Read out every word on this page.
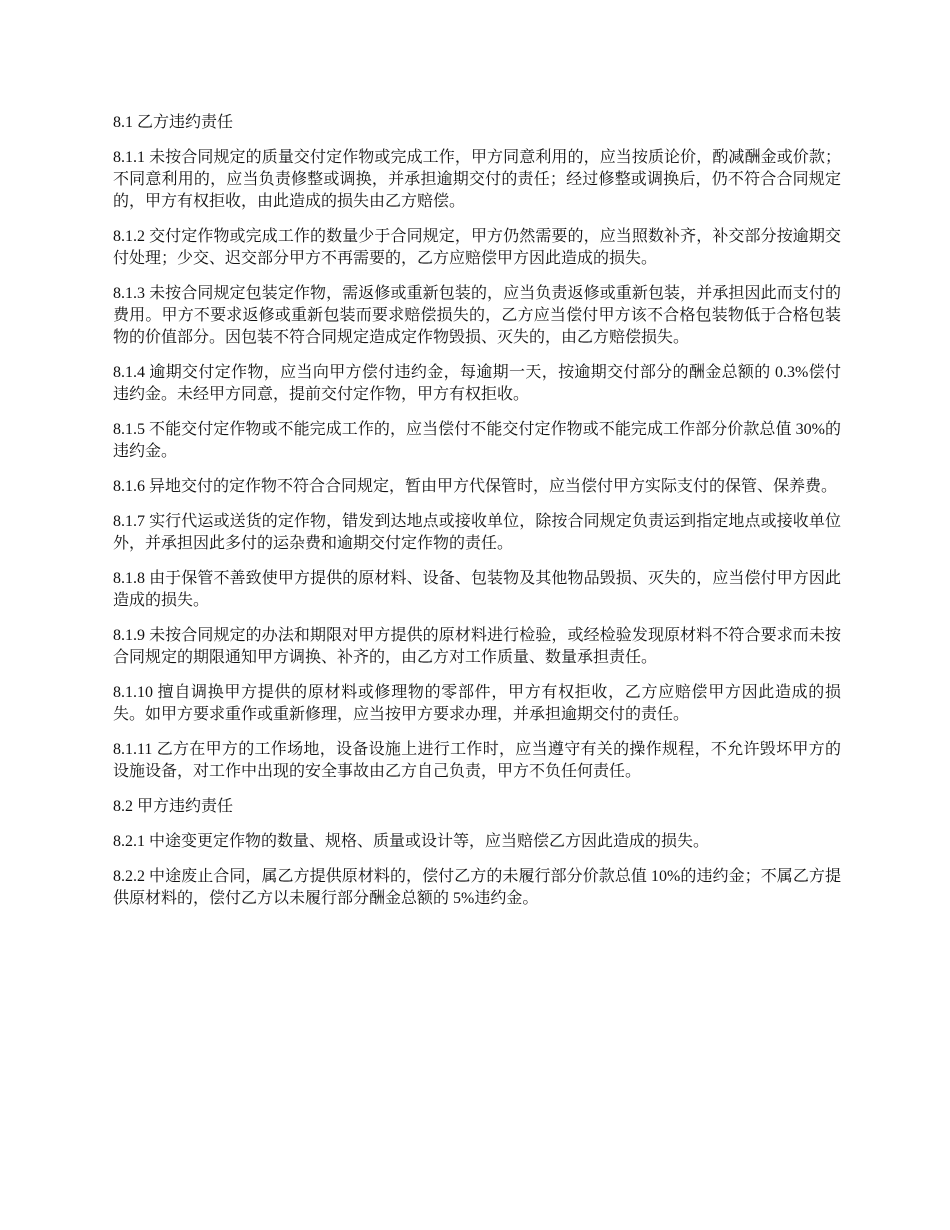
8.1 乙方违约责任

8.1.1 未按合同规定的质量交付定作物或完成工作，甲方同意利用的，应当按质论价，酌减酬金或价款；不同意利用的，应当负责修整或调换，并承担逾期交付的责任；经过修整或调换后，仍不符合合同规定的，甲方有权拒收，由此造成的损失由乙方赔偿。

8.1.2 交付定作物或完成工作的数量少于合同规定，甲方仍然需要的，应当照数补齐，补交部分按逾期交付处理；少交、迟交部分甲方不再需要的，乙方应赔偿甲方因此造成的损失。

8.1.3 未按合同规定包装定作物，需返修或重新包装的，应当负责返修或重新包装，并承担因此而支付的费用。甲方不要求返修或重新包装而要求赔偿损失的，乙方应当偿付甲方该不合格包装物低于合格包装物的价值部分。因包装不符合同规定造成定作物毁损、灭失的，由乙方赔偿损失。

8.1.4 逾期交付定作物，应当向甲方偿付违约金，每逾期一天，按逾期交付部分的酬金总额的 0.3%偿付违约金。未经甲方同意，提前交付定作物，甲方有权拒收。

8.1.5 不能交付定作物或不能完成工作的，应当偿付不能交付定作物或不能完成工作部分价款总值 30%的违约金。

8.1.6 异地交付的定作物不符合合同规定，暂由甲方代保管时，应当偿付甲方实际支付的保管、保养费。

8.1.7 实行代运或送货的定作物，错发到达地点或接收单位，除按合同规定负责运到指定地点或接收单位外，并承担因此多付的运杂费和逾期交付定作物的责任。

8.1.8 由于保管不善致使甲方提供的原材料、设备、包装物及其他物品毁损、灭失的，应当偿付甲方因此造成的损失。

8.1.9 未按合同规定的办法和期限对甲方提供的原材料进行检验，或经检验发现原材料不符合要求而未按合同规定的期限通知甲方调换、补齐的，由乙方对工作质量、数量承担责任。

8.1.10 擅自调换甲方提供的原材料或修理物的零部件，甲方有权拒收，乙方应赔偿甲方因此造成的损失。如甲方要求重作或重新修理，应当按甲方要求办理，并承担逾期交付的责任。

8.1.11 乙方在甲方的工作场地，设备设施上进行工作时，应当遵守有关的操作规程，不允许毁坏甲方的设施设备，对工作中出现的安全事故由乙方自己负责，甲方不负任何责任。

8.2 甲方违约责任

8.2.1 中途变更定作物的数量、规格、质量或设计等，应当赔偿乙方因此造成的损失。

8.2.2 中途废止合同，属乙方提供原材料的，偿付乙方的未履行部分价款总值 10%的违约金；不属乙方提供原材料的，偿付乙方以未履行部分酬金总额的 5%违约金。
